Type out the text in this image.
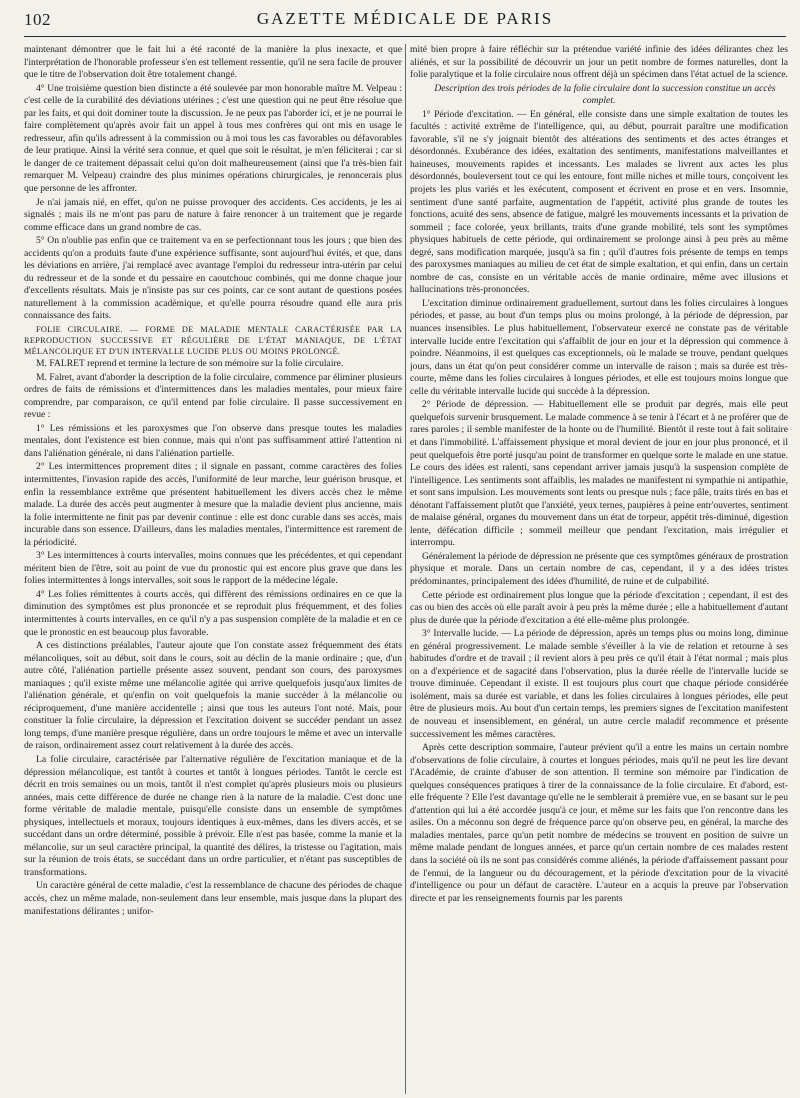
102	GAZETTE MÉDICALE DE PARIS

maintenant démontrer que le fait lui a été raconté de la manière la plus inexacte, et que l'interprétation de l'honorable professeur s'en est tellement ressentie, qu'il ne sera facile de prouver que le titre de l'observation doit être totalement changé.

4° Une troisième question bien distincte a été soulevée par mon honorable maître M. Velpeau : c'est celle de la curabilité des déviations utérines ; c'est une question qui ne peut être résolue que par les faits, et qui doit dominer toute la discussion. Je ne peux pas l'aborder ici, et je ne pourrai le faire complètement qu'après avoir fait un appel à tous mes confrères qui ont mis en usage le redresseur, afin qu'ils adressent à la commission ou à moi tous les cas favorables ou défavorables de leur pratique. Ainsi la vérité sera connue, et quel que soit le résultat, je m'en féliciterai ; car si le danger de ce traitement dépassait celui qu'on doit malheureusement (ainsi que l'a très-bien fait remarquer M. Velpeau) craindre des plus minimes opérations chirurgicales, je renoncerais plus que personne de les affronter.

Je n'ai jamais nié, en effet, qu'on ne puisse provoquer des accidents. Ces accidents, je les ai signalés ; mais ils ne m'ont pas paru de nature à faire renoncer à un traitement que je regarde comme efficace dans un grand nombre de cas.

5° On n'oublie pas enfin que ce traitement va en se perfectionnant tous les jours ; que bien des accidents qu'on a produits faute d'une expérience suffisante, sont aujourd'hui évités, et que, dans les déviations en arrière, j'ai remplacé avec avantage l'emploi du redresseur intra-utérin par celui du redresseur et de la sonde et du pessaire en caoutchouc combinés, qui me donne chaque jour d'excellents résultats. Mais je n'insiste pas sur ces points, car ce sont autant de questions posées naturellement à la commission académique, et qu'elle pourra résoudre quand elle aura pris connaissance des faits.

FOLIE CIRCULAIRE. — FORME DE MALADIE MENTALE CARACTÉRISÉE PAR LA REPRODUCTION SUCCESSIVE ET RÉGULIÈRE DE L'ÉTAT MANIAQUE, DE L'ÉTAT MÉLANCOLIQUE ET D'UN INTERVALLE LUCIDE PLUS OU MOINS PROLONGÉ.

M. FALRET reprend et termine la lecture de son mémoire sur la folie circulaire.

M. Falret, avant d'aborder la description de la folie circulaire, commence par éliminer plusieurs ordres de faits de rémissions et d'intermittences dans les maladies mentales, pour mieux faire comprendre, par comparaison, ce qu'il entend par folie circulaire. Il passe successivement en revue :

1° Les rémissions et les paroxysmes que l'on observe dans presque toutes les maladies mentales, dont l'existence est bien connue, mais qui n'ont pas suffisamment attiré l'attention ni dans l'aliénation générale, ni dans l'aliénation partielle.

2° Les intermittences proprement dites ; il signale en passant, comme caractères des folies intermittentes, l'invasion rapide des accès, l'uniformité de leur marche, leur guérison brusque, et enfin la ressemblance extrême que présentent habituellement les divers accès chez le même malade. La durée des accès peut augmenter à mesure que la maladie devient plus ancienne, mais la folie intermittente ne finit pas par devenir continue : elle est donc curable dans ses accès, mais incurable dans son essence. D'ailleurs, dans les maladies mentales, l'intermittence est rarement de la périodicité.

3° Les intermittences à courts intervalles, moins connues que les précédentes, et qui cependant méritent bien de l'être, soit au point de vue du pronostic qui est encore plus grave que dans les folies intermittentes à longs intervalles, soit sous le rapport de la médecine légale.

4° Les folies rémittentes à courts accès, qui diffèrent des rémissions ordinaires en ce que la diminution des symptômes est plus prononcée et se reproduit plus fréquemment, et des folies intermittentes à courts intervalles, en ce qu'il n'y a pas suspension complète de la maladie et en ce que le pronostic en est beaucoup plus favorable.

A ces distinctions préalables, l'auteur ajoute que l'on constate assez fréquemment des états mélancoliques, soit au début, soit dans le cours, soit au déclin de la manie ordinaire ; que, d'un autre côté, l'aliénation partielle présente assez souvent, pendant son cours, des paroxysmes maniaques ; qu'il existe même une mélancolie agitée qui arrive quelquefois jusqu'aux limites de l'aliénation générale, et qu'enfin on voit quelquefois la manie succéder à la mélancolie ou réciproquement, d'une manière accidentelle ; ainsi que tous les auteurs l'ont noté. Mais, pour constituer la folie circulaire, la dépression et l'excitation doivent se succéder pendant un assez long temps, d'une manière presque régulière, dans un ordre toujours le même et avec un intervalle de raison, ordinairement assez court relativement à la durée des accès.

La folie circulaire, caractérisée par l'alternative régulière de l'excitation maniaque et de la dépression mélancolique, est tantôt à courtes et tantôt à longues périodes. Tantôt le cercle est décrit en trois semaines ou un mois, tantôt il n'est complet qu'après plusieurs mois ou plusieurs années, mais cette différence de durée ne change rien à la nature de la maladie. C'est donc une forme véritable de maladie mentale, puisqu'elle consiste dans un ensemble de symptômes physiques, intellectuels et moraux, toujours identiques à eux-mêmes, dans les divers accès, et se succédant dans un ordre déterminé, possible à prévoir. Elle n'est pas basée, comme la manie et la mélancolie, sur un seul caractère principal, la quantité des délires, la tristesse ou l'agitation, mais sur la réunion de trois états, se succédant dans un ordre particulier, et n'étant pas susceptibles de transformations.

Un caractère général de cette maladie, c'est la ressemblance de chacune des périodes de chaque accès, chez un même malade, non-seulement dans leur ensemble, mais jusque dans la plupart des manifestations délirantes ; unifor-

mité bien propre à faire réfléchir sur la prétendue variété infinie des idées délirantes chez les aliénés, et sur la possibilité de découvrir un jour un petit nombre de formes naturelles, dont la folie paralytique et la folie circulaire nous offrent déjà un spécimen dans l'état actuel de la science.

Description des trois périodes de la folie circulaire dont la succession constitue un accès complet.

1° Période d'excitation. — En général, elle consiste dans une simple exaltation de toutes les facultés : activité extrême de l'intelligence, qui, au début, pourrait paraître une modification favorable, s'il ne s'y joignait bientôt des altérations des sentiments et des actes étranges et désordonnés. Exubérance des idées, exaltation des sentiments, manifestations malveillantes et haineuses, mouvements rapides et incessants. Les malades se livrent aux actes les plus désordonnés, bouleversent tout ce qui les entoure, font mille niches et mille tours, conçoivent les projets les plus variés et les exécutent, composent et écrivent en prose et en vers. Insomnie, sentiment d'une santé parfaite, augmentation de l'appétit, activité plus grande de toutes les fonctions, acuité des sens, absence de fatigue, malgré les mouvements incessants et la privation de sommeil ; face colorée, yeux brillants, traits d'une grande mobilité, tels sont les symptômes physiques habituels de cette période, qui ordinairement se prolonge ainsi à peu près au même degré, sans modification marquée, jusqu'à sa fin ; qu'il d'autres fois présente de temps en temps des paroxysmes maniaques au milieu de cet état de simple exaltation, et qui enfin, dans un certain nombre de cas, consiste en un véritable accès de manie ordinaire, même avec illusions et hallucinations très-prononcées.

L'excitation diminue ordinairement graduellement, surtout dans les folies circulaires à longues périodes, et passe, au bout d'un temps plus ou moins prolongé, à la période de dépression, par nuances insensibles. Le plus habituellement, l'observateur exercé ne constate pas de véritable intervalle lucide entre l'excitation qui s'affaiblit de jour en jour et la dépression qui commence à poindre. Néanmoins, il est quelques cas exceptionnels, où le malade se trouve, pendant quelques jours, dans un état qu'on peut considérer comme un intervalle de raison ; mais sa durée est très-courte, même dans les folies circulaires à longues périodes, et elle est toujours moins longue que celle du véritable intervalle lucide qui succède à la dépression.

2° Période de dépression. — Habituellement elle se produit par degrés, mais elle peut quelquefois survenir brusquement. Le malade commence à se tenir à l'écart et à ne proférer que de rares paroles ; il semble manifester de la honte ou de l'humilité. Bientôt il reste tout à fait solitaire et dans l'immobilité. L'affaissement physique et moral devient de jour en jour plus prononcé, et il peut quelquefois être porté jusqu'au point de transformer en quelque sorte le malade en une statue. Le cours des idées est ralenti, sans cependant arriver jamais jusqu'à la suspension complète de l'intelligence. Les sentiments sont affaiblis, les malades ne manifestent ni sympathie ni antipathie, et sont sans impulsion. Les mouvements sont lents ou presque nuls ; face pâle, traits tirés en bas et dénotant l'affaissement plutôt que l'anxiété, yeux ternes, paupières à peine entr'ouvertes, sentiment de malaise général, organes du mouvement dans un état de torpeur, appétit très-diminué, digestion lente, défécation difficile ; sommeil meilleur que pendant l'excitation, mais irrégulier et interrompu.

Généralement la période de dépression ne présente que ces symptômes généraux de prostration physique et morale. Dans un certain nombre de cas, cependant, il y a des idées tristes prédominantes, principalement des idées d'humilité, de ruine et de culpabilité.

Cette période est ordinairement plus longue que la période d'excitation ; cependant, il est des cas ou bien des accès où elle paraît avoir à peu près la même durée ; elle a habituellement d'autant plus de durée que la période d'excitation a été elle-même plus prolongée.

3° Intervalle lucide. — La période de dépression, après un temps plus ou moins long, diminue en général progressivement. Le malade semble s'éveiller à la vie de relation et retourne à ses habitudes d'ordre et de travail ; il revient alors à peu près ce qu'il était à l'état normal ; mais plus on a d'expérience et de sagacité dans l'observation, plus la durée réelle de l'intervalle lucide se trouve diminuée. Cependant il existe. Il est toujours plus court que chaque période considérée isolément, mais sa durée est variable, et dans les folies circulaires à longues périodes, elle peut être de plusieurs mois. Au bout d'un certain temps, les premiers signes de l'excitation manifestent de nouveau et insensiblement, en général, un autre cercle maladif recommence et présente successivement les mêmes caractères.

Après cette description sommaire, l'auteur prévient qu'il a entre les mains un certain nombre d'observations de folie circulaire, à courtes et longues périodes, mais qu'il ne peut les lire devant l'Académie, de crainte d'abuser de son attention. Il termine son mémoire par l'indication de quelques conséquences pratiques à tirer de la connaissance de la folie circulaire. Et d'abord, est-elle fréquente ? Elle l'est davantage qu'elle ne le semblerait à première vue, en se basant sur le peu d'attention qui lui a été accordée jusqu'à ce jour, et même sur les faits que l'on rencontre dans les asiles. On a méconnu son degré de fréquence parce qu'on observe peu, en général, la marche des maladies mentales, parce qu'un petit nombre de médecins se trouvent en position de suivre un même malade pendant de longues années, et parce qu'un certain nombre de ces malades restent dans la société où ils ne sont pas considérés comme aliénés, la période d'affaissement passant pour de l'ennui, de la langueur ou du découragement, et la période d'excitation pour de la vivacité d'intelligence ou pour un défaut de caractère. L'auteur en a acquis la preuve par l'observation directe et par les renseignements fournis par les parents
